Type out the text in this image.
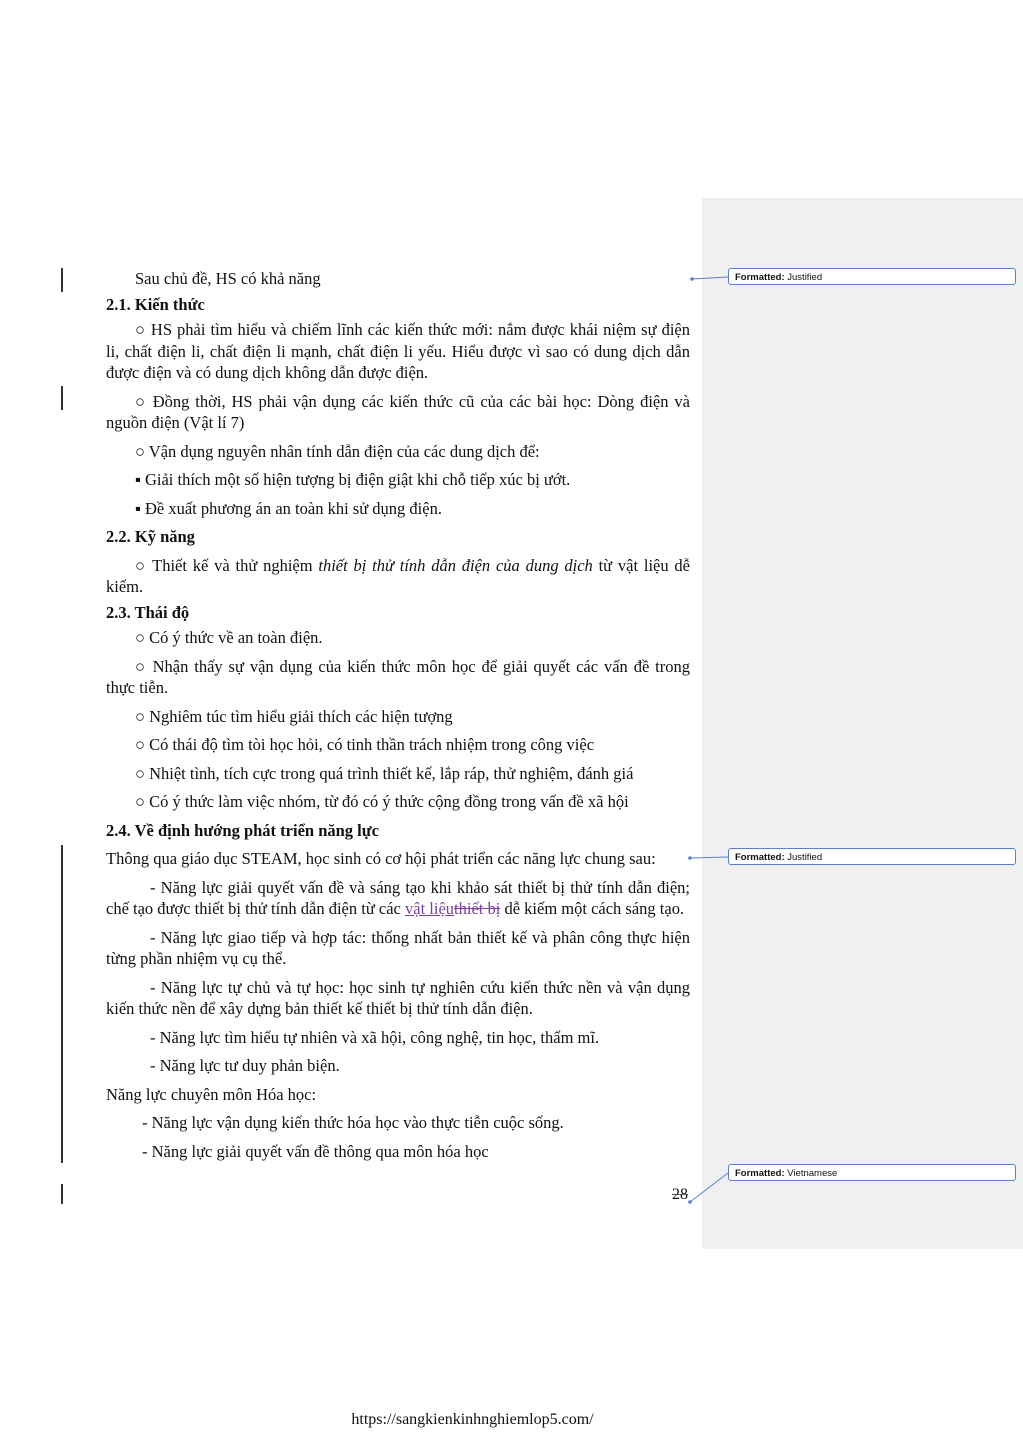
Formatted: Justified
Formatted: Justified
Formatted: Vietnamese

Sau chủ đề, HS có khả năng

2.1. Kiến thức

○ HS phải tìm hiểu và chiếm lĩnh các kiến thức mới: nắm được khái niệm sự điện li, chất điện li, chất điện li mạnh, chất điện li yếu. Hiểu được vì sao có dung dịch dẫn được điện và có dung dịch không dẫn được điện.

○ Đồng thời, HS phải vận dụng các kiến thức cũ của các bài học: Dòng điện và nguồn điện (Vật lí 7)

○ Vận dụng nguyên nhân tính dẫn điện của các dung dịch để:

▪ Giải thích một số hiện tượng bị điện giật khi chỗ tiếp xúc bị ướt.

▪ Đề xuất phương án an toàn khi sử dụng điện.

2.2. Kỹ năng

○ Thiết kế và thử nghiệm thiết bị thử tính dẫn điện của dung dịch từ vật liệu dễ kiếm.

2.3. Thái độ

○ Có ý thức về an toàn điện.

○ Nhận thấy sự vận dụng của kiến thức môn học để giải quyết các vấn đề trong thực tiễn.

○ Nghiêm túc tìm hiểu giải thích các hiện tượng

○ Có thái độ tìm tòi học hỏi, có tinh thần trách nhiệm trong công việc

○ Nhiệt tình, tích cực trong quá trình thiết kế, lắp ráp, thử nghiệm, đánh giá

○ Có ý thức làm việc nhóm, từ đó có ý thức cộng đồng trong vấn đề xã hội

2.4. Về định hướng phát triển năng lực

Thông qua giáo dục STEAM, học sinh có cơ hội phát triển các năng lực chung sau:

- Năng lực giải quyết vấn đề và sáng tạo khi khảo sát thiết bị thử tính dẫn điện; chế tạo được thiết bị thử tính dẫn điện từ các vật liệuthiết bị dễ kiếm một cách sáng tạo.

- Năng lực giao tiếp và hợp tác: thống nhất bản thiết kế và phân công thực hiện từng phần nhiệm vụ cụ thể.

- Năng lực tự chủ và tự học: học sinh tự nghiên cứu kiến thức nền và vận dụng kiến thức nền để xây dựng bản thiết kế thiết bị thử tính dẫn điện.

- Năng lực tìm hiểu tự nhiên và xã hội, công nghệ, tin học, thẩm mĩ.

- Năng lực tư duy phản biện.

Năng lực chuyên môn Hóa học:

- Năng lực vận dụng kiến thức hóa học vào thực tiễn cuộc sống.

- Năng lực giải quyết vấn đề thông qua môn hóa học

28
https://sangkienkinhnghiemlop5.com/
